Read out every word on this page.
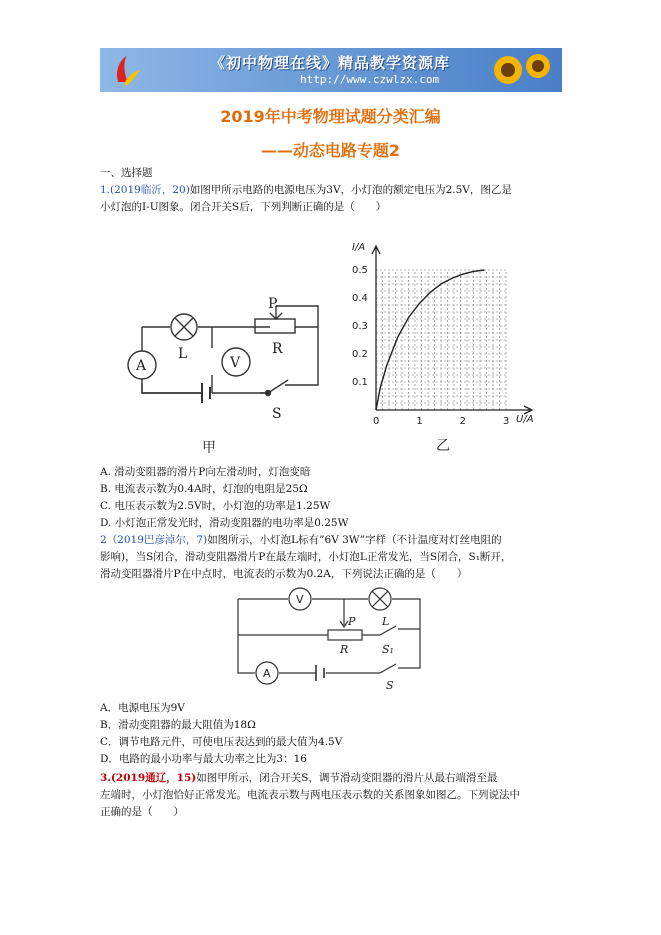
《初中物理在线》精品教学资源库
http://www.czwlzx.com
2019年中考物理试题分类汇编
——动态电路专题2
一、选择题
1.(2019临沂，20)如图甲所示电路的电源电压为3V，小灯泡的额定电压为2.5V，图乙是
小灯泡的I-U图象。闭合开关S后，下列判断正确的是（　　）
L
A	V
P
R
S
甲
0	1	2	3
0.1
0.2
0.3
0.4
0.5
I/A
U/A
乙
A. 滑动变阻器的滑片P向左滑动时，灯泡变暗
B. 电流表示数为0.4A时，灯泡的电阻是25Ω
C. 电压表示数为2.5V时，小灯泡的功率是1.25W
D. 小灯泡正常发光时，滑动变阻器的电功率是0.25W
2（2019巴彦淖尔，7)如图所示，小灯泡L标有”6V 3W”字样（不计温度对灯丝电阻的
影响)，当S闭合，滑动变阻器滑片P在最左端时，小灯泡L正常发光，当S闭合，S₁断开，
滑动变阻器滑片P在中点时，电流表的示数为0.2A，下列说法正确的是（　　）
V
A
P L
R	S₁
S
A．电源电压为9V
B．滑动变阻器的最大阻值为18Ω
C．调节电路元件，可使电压表达到的最大值为4.5V
D．电路的最小功率与最大功率之比为3：16
3.(2019通辽，15)如图甲所示，闭合开关S，调节滑动变阻器的滑片从最右端滑至最
左端时，小灯泡恰好正常发光。电流表示数与两电压表示数的关系图象如图乙。下列说法中
正确的是（　　）
